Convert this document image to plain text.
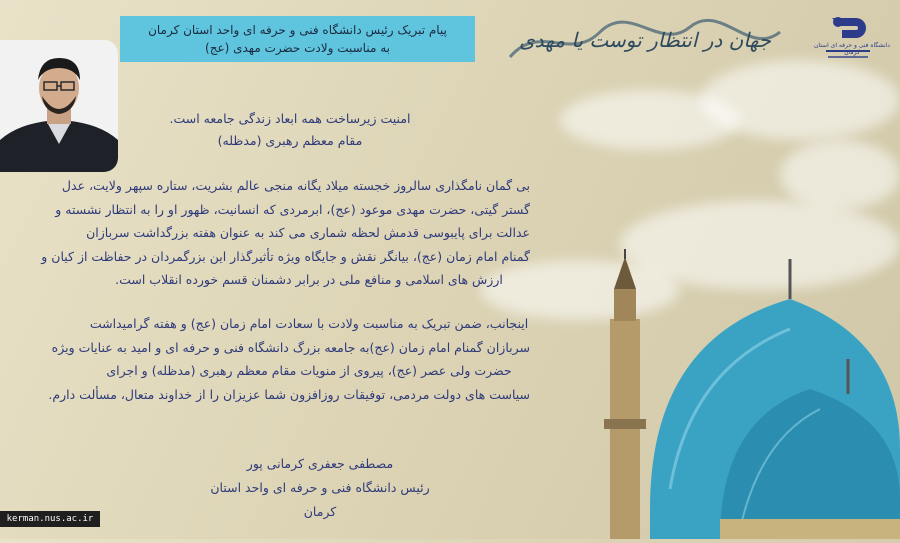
دانشگاه فنی و حرفه ای استان کرمان
جهان در انتظار توست یا مهدی
پیام تبریک رئیس دانشگاه فنی و حرفه ای واحد استان کرمان
به مناسبت ولادت حضرت مهدی (عج)
امنیت زیرساخت همه ابعاد زندگی جامعه است.
مقام معظم رهبری (مدظله)
بی گمان نامگذاری سالروز خجسته میلاد یگانه منجی عالم بشریت، ستاره سپهر ولایت، عدل
گستر گیتی، حضرت مهدی موعود (عج)، ابرمردی که انسانیت، ظهور او را به انتظار نشسته و
عدالت برای پایبوسی قدمش لحظه شماری می کند به عنوان هفته بزرگداشت سربازان
گمنام امام زمان (عج)، بیانگر نقش و جایگاه ویژه تأثیرگذار این بزرگمردان در حفاظت از کیان و
ارزش های اسلامی و منافع ملی در برابر دشمنان قسم خورده انقلاب است.
اینجانب، ضمن تبریک به مناسبت ولادت با سعادت امام زمان (عج) و هفته گرامیداشت
سربازان گمنام امام زمان (عج)به جامعه بزرگ دانشگاه فنی و حرفه ای و امید به عنایات ویژه
حضرت ولی عصر (عج)، پیروی از منویات مقام معظم رهبری (مدظله) و اجرای
سیاست های دولت مردمی، توفیقات روزافزون شما عزیزان را از خداوند متعال، مسألت دارم.
مصطفی جعفری کرمانی پور
رئیس دانشگاه فنی و حرفه ای واحد استان کرمان
kerman.nus.ac.ir
